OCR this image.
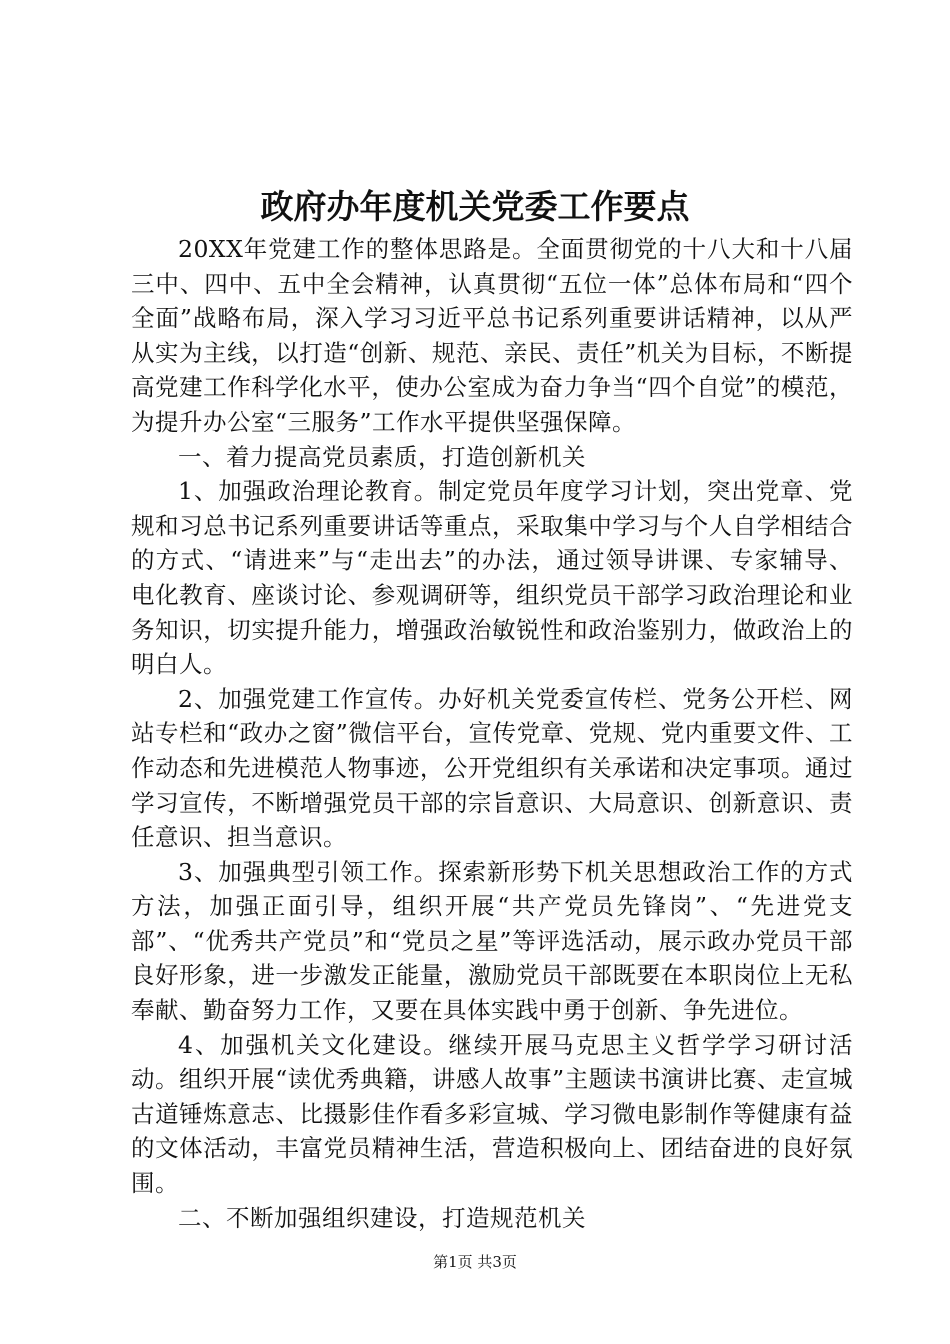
政府办年度机关党委工作要点

20XX年党建工作的整体思路是。全面贯彻党的十八大和十八届三中、四中、五中全会精神，认真贯彻“五位一体”总体布局和“四个全面”战略布局，深入学习习近平总书记系列重要讲话精神，以从严从实为主线，以打造“创新、规范、亲民、责任”机关为目标，不断提高党建工作科学化水平，使办公室成为奋力争当“四个自觉”的模范，为提升办公室“三服务”工作水平提供坚强保障。

一、着力提高党员素质，打造创新机关

1、加强政治理论教育。制定党员年度学习计划，突出党章、党规和习总书记系列重要讲话等重点，采取集中学习与个人自学相结合的方式、“请进来”与“走出去”的办法，通过领导讲课、专家辅导、电化教育、座谈讨论、参观调研等，组织党员干部学习政治理论和业务知识，切实提升能力，增强政治敏锐性和政治鉴别力，做政治上的明白人。

2、加强党建工作宣传。办好机关党委宣传栏、党务公开栏、网站专栏和“政办之窗”微信平台，宣传党章、党规、党内重要文件、工作动态和先进模范人物事迹，公开党组织有关承诺和决定事项。通过学习宣传，不断增强党员干部的宗旨意识、大局意识、创新意识、责任意识、担当意识。

3、加强典型引领工作。探索新形势下机关思想政治工作的方式方法，加强正面引导，组织开展“共产党员先锋岗”、“先进党支部”、“优秀共产党员”和“党员之星”等评选活动，展示政办党员干部良好形象，进一步激发正能量，激励党员干部既要在本职岗位上无私奉献、勤奋努力工作，又要在具体实践中勇于创新、争先进位。

4、加强机关文化建设。继续开展马克思主义哲学学习研讨活动。组织开展“读优秀典籍，讲感人故事”主题读书演讲比赛、走宣城古道锤炼意志、比摄影佳作看多彩宣城、学习微电影制作等健康有益的文体活动，丰富党员精神生活，营造积极向上、团结奋进的良好氛围。

二、不断加强组织建设，打造规范机关

第1页 共3页
